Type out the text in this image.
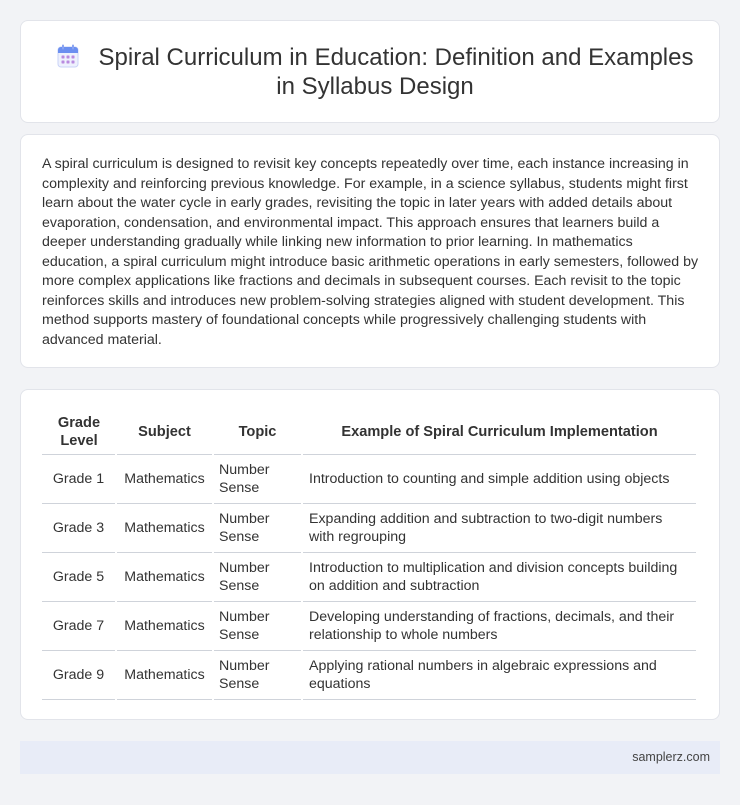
Spiral Curriculum in Education: Definition and Examples in Syllabus Design

A spiral curriculum is designed to revisit key concepts repeatedly over time, each instance increasing in complexity and reinforcing previous knowledge. For example, in a science syllabus, students might first learn about the water cycle in early grades, revisiting the topic in later years with added details about evaporation, condensation, and environmental impact. This approach ensures that learners build a deeper understanding gradually while linking new information to prior learning. In mathematics education, a spiral curriculum might introduce basic arithmetic operations in early semesters, followed by more complex applications like fractions and decimals in subsequent courses. Each revisit to the topic reinforces skills and introduces new problem-solving strategies aligned with student development. This method supports mastery of foundational concepts while progressively challenging students with advanced material.

Grade Level	Subject	Topic	Example of Spiral Curriculum Implementation
Grade 1	Mathematics	Number Sense	Introduction to counting and simple addition using objects
Grade 3	Mathematics	Number Sense	Expanding addition and subtraction to two-digit numbers with regrouping
Grade 5	Mathematics	Number Sense	Introduction to multiplication and division concepts building on addition and subtraction
Grade 7	Mathematics	Number Sense	Developing understanding of fractions, decimals, and their relationship to whole numbers
Grade 9	Mathematics	Number Sense	Applying rational numbers in algebraic expressions and equations
samplerz.com
